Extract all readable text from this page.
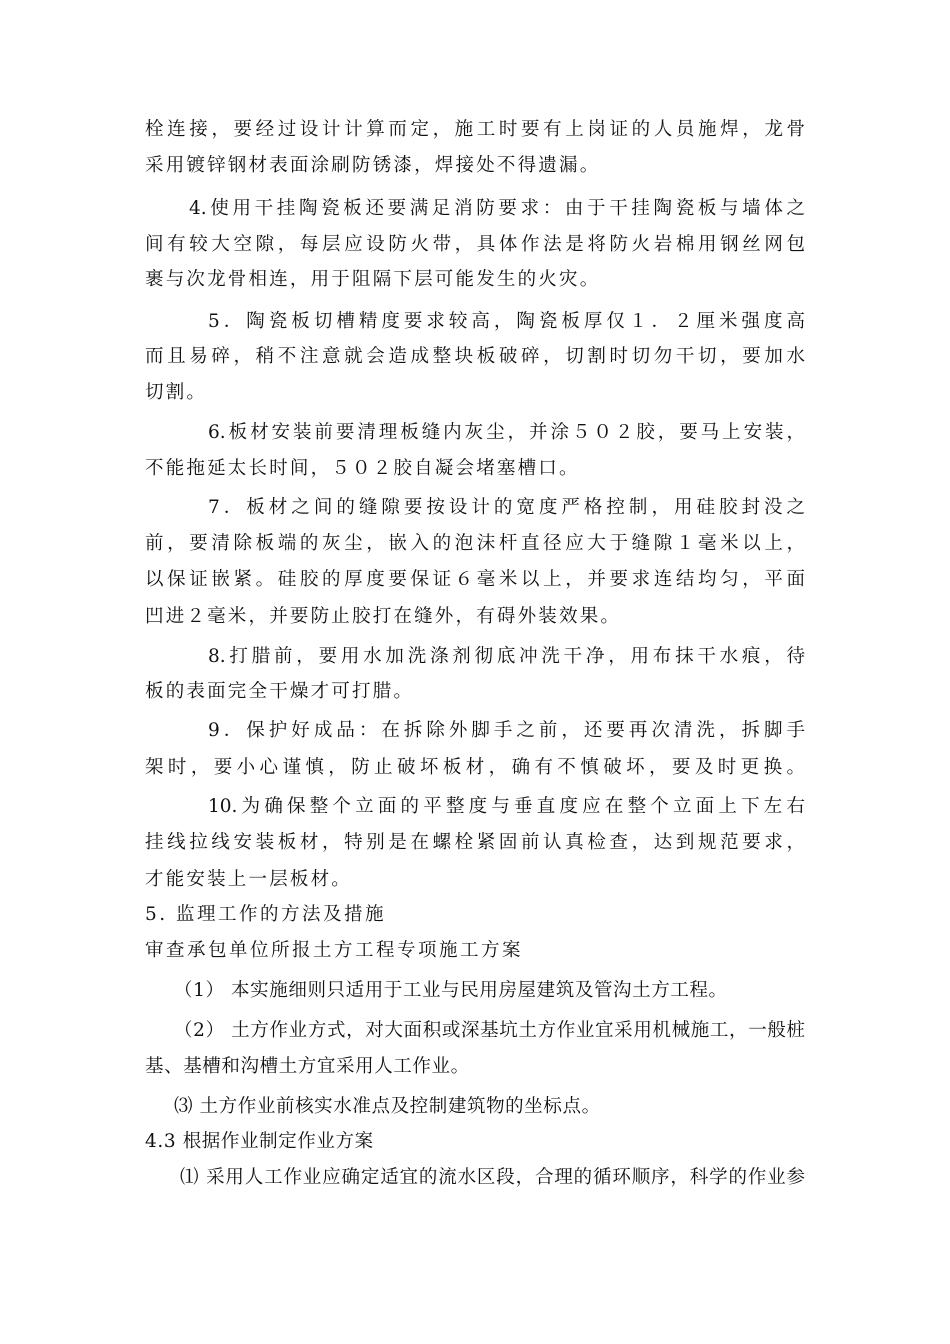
栓连接，要经过设计计算而定，施工时要有上岗证的人员施焊，龙骨
采用镀锌钢材表面涂刷防锈漆，焊接处不得遗漏。
4.使用干挂陶瓷板还要满足消防要求：由于干挂陶瓷板与墙体之
间有较大空隙，每层应设防火带，具体作法是将防火岩棉用钢丝网包
裹与次龙骨相连，用于阻隔下层可能发生的火灾。
5．陶瓷板切槽精度要求较高，陶瓷板厚仅１．２厘米强度高
而且易碎，稍不注意就会造成整块板破碎，切割时切勿干切，要加水
切割。
6.板材安装前要清理板缝内灰尘，并涂５０２胶，要马上安装，
不能拖延太长时间，５０２胶自凝会堵塞槽口。
7．板材之间的缝隙要按设计的宽度严格控制，用硅胶封没之
前，要清除板端的灰尘，嵌入的泡沫杆直径应大于缝隙１毫米以上，
以保证嵌紧。硅胶的厚度要保证６毫米以上，并要求连结均匀，平面
凹进２毫米，并要防止胶打在缝外，有碍外装效果。
8.打腊前，要用水加洗涤剂彻底冲洗干净，用布抹干水痕，待
板的表面完全干燥才可打腊。
9．保护好成品：在拆除外脚手之前，还要再次清洗，拆脚手
架时，要小心谨慎，防止破坏板材，确有不慎破坏，要及时更换。
10.为确保整个立面的平整度与垂直度应在整个立面上下左右
挂线拉线安装板材，特别是在螺栓紧固前认真检查，达到规范要求，
才能安装上一层板材。
5. 监理工作的方法及措施
审查承包单位所报土方工程专项施工方案
（1） 本实施细则只适用于工业与民用房屋建筑及管沟土方工程。
（2） 土方作业方式，对大面积或深基坑土方作业宜采用机械施工，一般桩
基、基槽和沟槽土方宜采用人工作业。
⑶ 土方作业前核实水准点及控制建筑物的坐标点。
4.3 根据作业制定作业方案
⑴ 采用人工作业应确定适宜的流水区段，合理的循环顺序，科学的作业参
